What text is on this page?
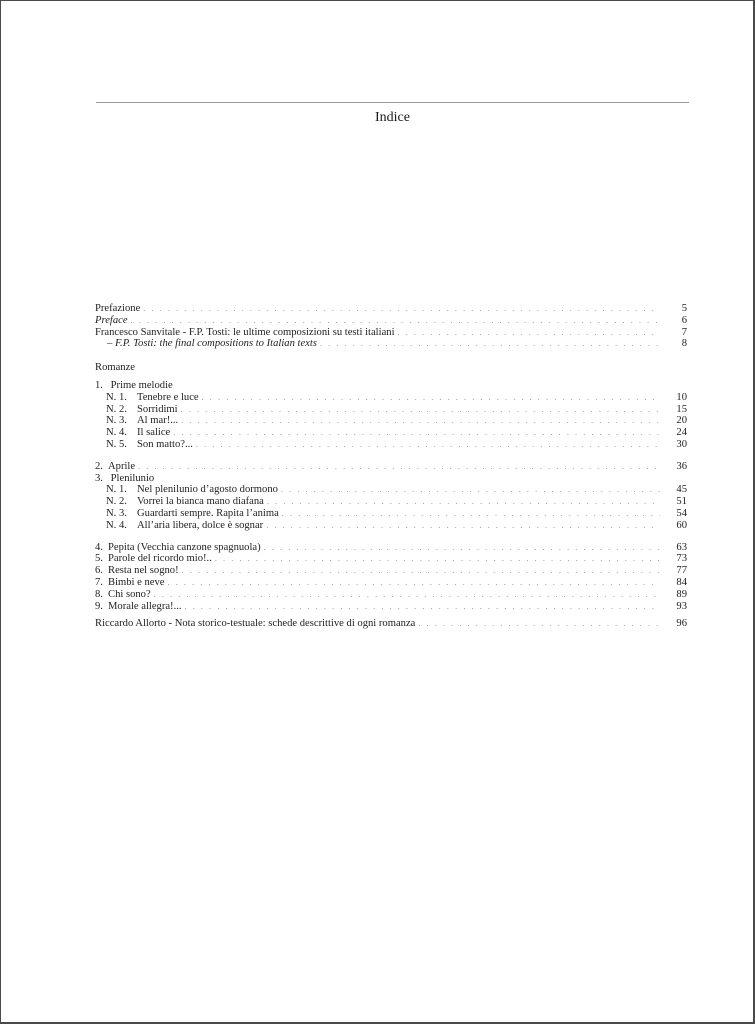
Indice
Prefazione . . .	5
Preface . . .	6
Francesco Sanvitale - F.P. Tosti: le ultime composizioni su testi italiani . . .	7
– F.P. Tosti: the final compositions to Italian texts . . .	8
Romanze
1. Prime melodie
N. 1. Tenebre e luce . . .	10
N. 2. Sorridimi . . .	15
N. 3. Al mar!... . . .	20
N. 4. Il salice . . .	24
N. 5. Son matto?... . . .	30
2. Aprile . . .	36
3. Plenilunio
N. 1. Nel plenilunio d’agosto dormono . . .	45
N. 2. Vorrei la bianca mano diafana . . .	51
N. 3. Guardarti sempre. Rapita l’anima . . .	54
N. 4. All’aria libera, dolce è sognar . . .	60
4. Pepita (Vecchia canzone spagnuola) . . .	63
5. Parole del ricordo mio!.. . . .	73
6. Resta nel sogno! . . .	77
7. Bimbi e neve . . .	84
8. Chi sono? . . .	89
9. Morale allegra!... . . .	93
Riccardo Allorto - Nota storico-testuale: schede descrittive di ogni romanza . . .	96
